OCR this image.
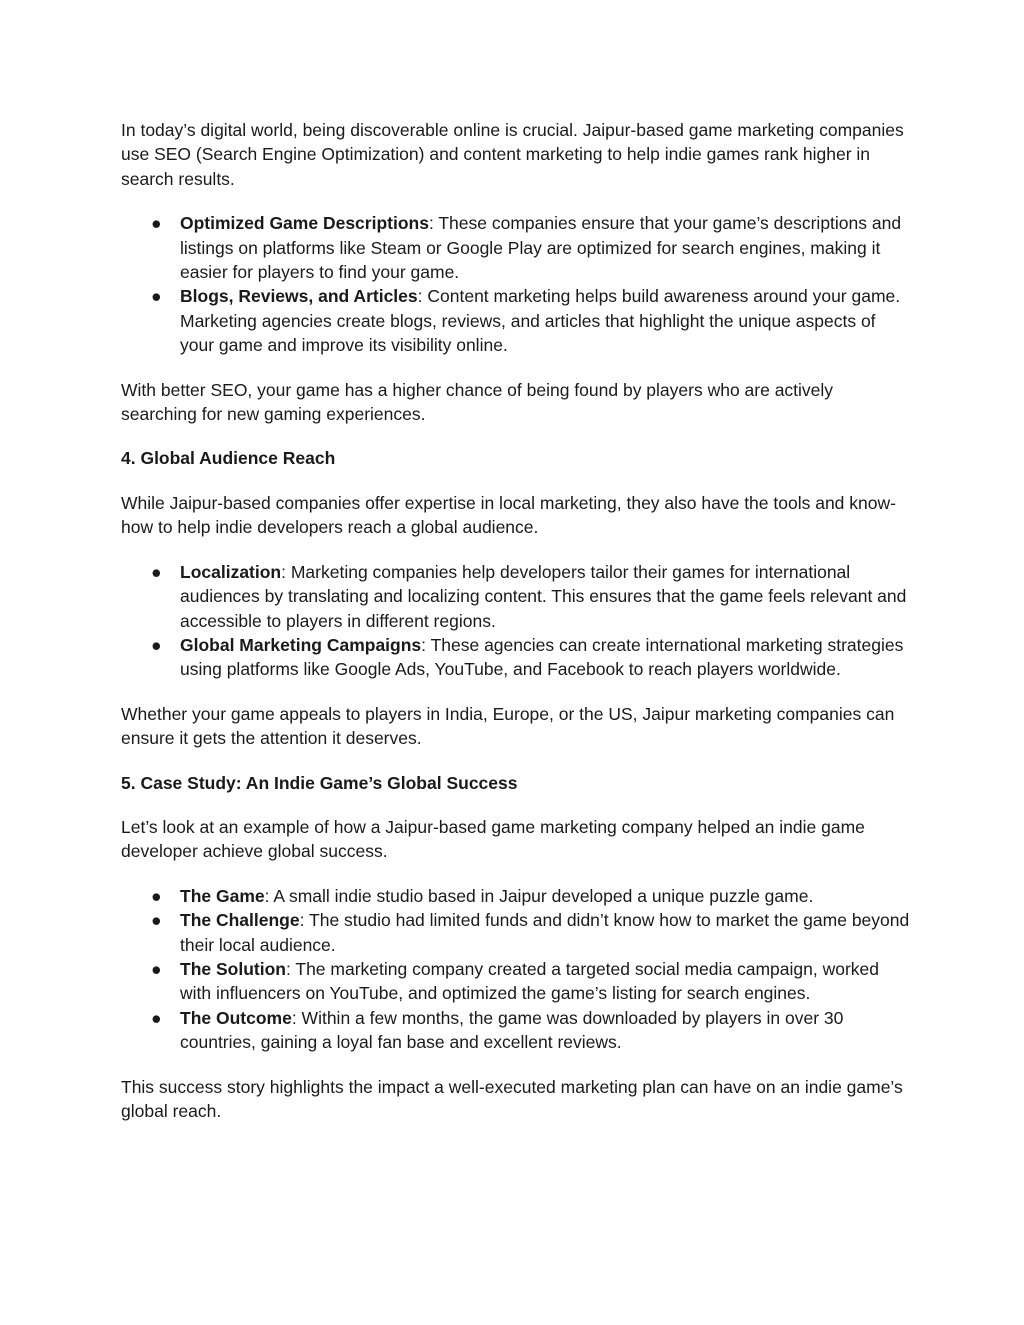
In today’s digital world, being discoverable online is crucial. Jaipur-based game marketing companies use SEO (Search Engine Optimization) and content marketing to help indie games rank higher in search results.

● Optimized Game Descriptions: These companies ensure that your game’s descriptions and listings on platforms like Steam or Google Play are optimized for search engines, making it easier for players to find your game.
● Blogs, Reviews, and Articles: Content marketing helps build awareness around your game. Marketing agencies create blogs, reviews, and articles that highlight the unique aspects of your game and improve its visibility online.

With better SEO, your game has a higher chance of being found by players who are actively searching for new gaming experiences.

4. Global Audience Reach

While Jaipur-based companies offer expertise in local marketing, they also have the tools and know-how to help indie developers reach a global audience.

● Localization: Marketing companies help developers tailor their games for international audiences by translating and localizing content. This ensures that the game feels relevant and accessible to players in different regions.
● Global Marketing Campaigns: These agencies can create international marketing strategies using platforms like Google Ads, YouTube, and Facebook to reach players worldwide.

Whether your game appeals to players in India, Europe, or the US, Jaipur marketing companies can ensure it gets the attention it deserves.

5. Case Study: An Indie Game’s Global Success

Let’s look at an example of how a Jaipur-based game marketing company helped an indie game developer achieve global success.

● The Game: A small indie studio based in Jaipur developed a unique puzzle game.
● The Challenge: The studio had limited funds and didn’t know how to market the game beyond their local audience.
● The Solution: The marketing company created a targeted social media campaign, worked with influencers on YouTube, and optimized the game’s listing for search engines.
● The Outcome: Within a few months, the game was downloaded by players in over 30 countries, gaining a loyal fan base and excellent reviews.

This success story highlights the impact a well-executed marketing plan can have on an indie game’s global reach.
